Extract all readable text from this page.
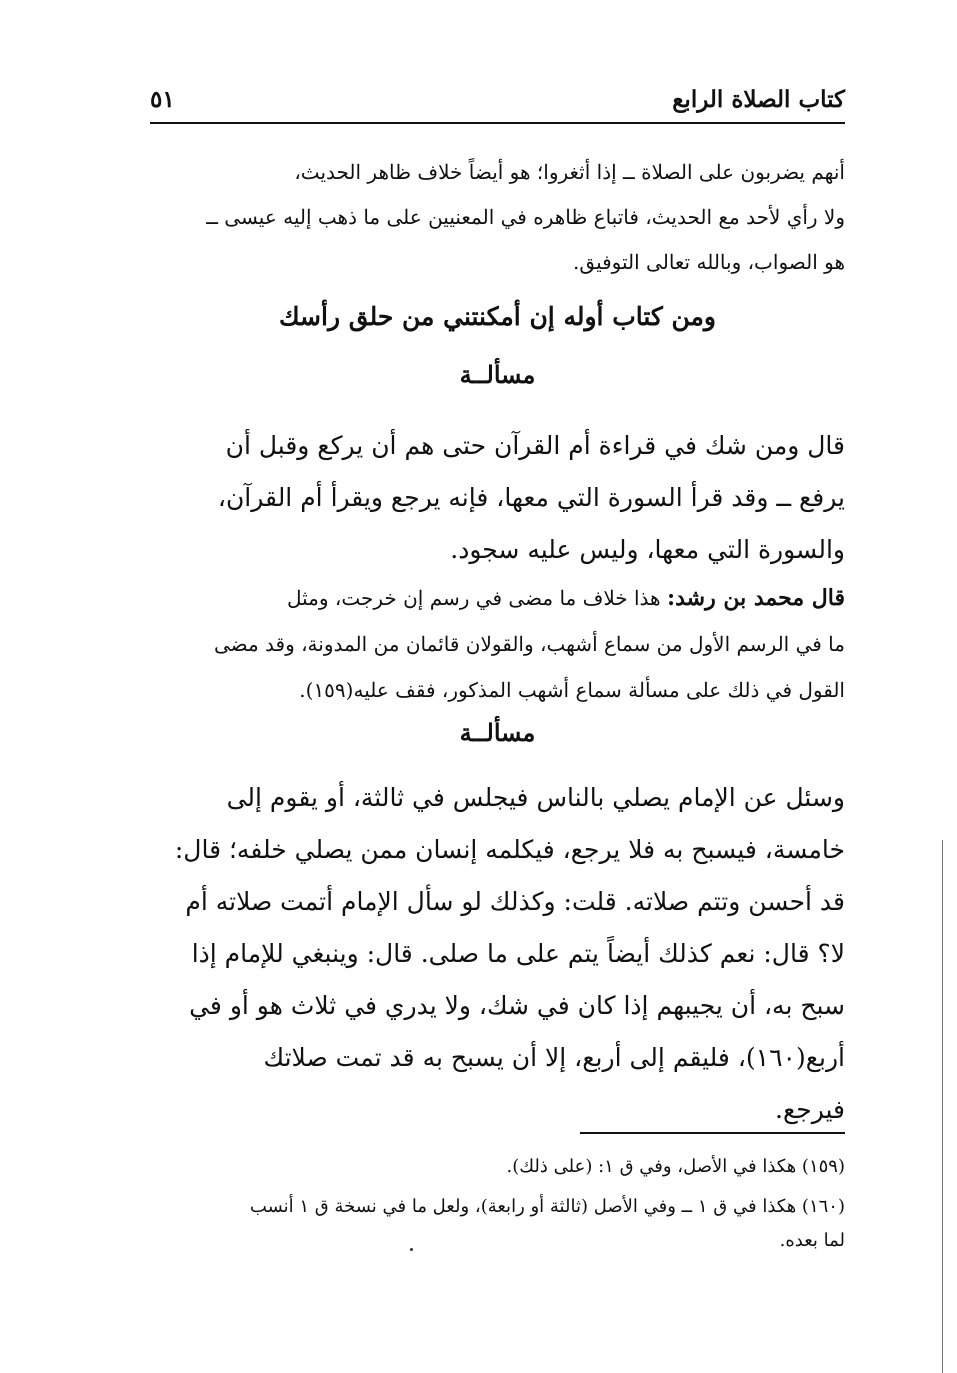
كتاب الصلاة الرابع
٥١
أنهم يضربون على الصلاة ــ إذا أثغروا؛ هو أيضاً خلاف ظاهر الحديث،
ولا رأي لأحد مع الحديث، فاتباع ظاهره في المعنيين على ما ذهب إليه عيسى ــ
هو الصواب، وبالله تعالى التوفيق.
ومن كتاب أوله إن أمكنتني من حلق رأسك
مسألــة
قال ومن شك في قراءة أم القرآن حتى هم أن يركع وقبل أن
يرفع ــ وقد قرأ السورة التي معها، فإنه يرجع ويقرأ أم القرآن،
والسورة التي معها، وليس عليه سجود.
قال محمد بن رشد: هذا خلاف ما مضى في رسم إن خرجت، ومثل
ما في الرسم الأول من سماع أشهب، والقولان قائمان من المدونة، وقد مضى
القول في ذلك على مسألة سماع أشهب المذكور، فقف عليه(١٥٩).
مسألــة
وسئل عن الإمام يصلي بالناس فيجلس في ثالثة، أو يقوم إلى
خامسة، فيسبح به فلا يرجع، فيكلمه إنسان ممن يصلي خلفه؛ قال:
قد أحسن وتتم صلاته. قلت: وكذلك لو سأل الإمام أتمت صلاته أم
لا؟ قال: نعم كذلك أيضاً يتم على ما صلى. قال: وينبغي للإمام إذا
سبح به، أن يجيبهم إذا كان في شك، ولا يدري في ثلاث هو أو في
أربع(١٦٠)، فليقم إلى أربع، إلا أن يسبح به قد تمت صلاتك
فيرجع.
(١٥٩) هكذا في الأصل، وفي ق ١: (على ذلك).
(١٦٠) هكذا في ق ١ ــ وفي الأصل (ثالثة أو رابعة)، ولعل ما في نسخة ق ١ أنسب
لما بعده.
